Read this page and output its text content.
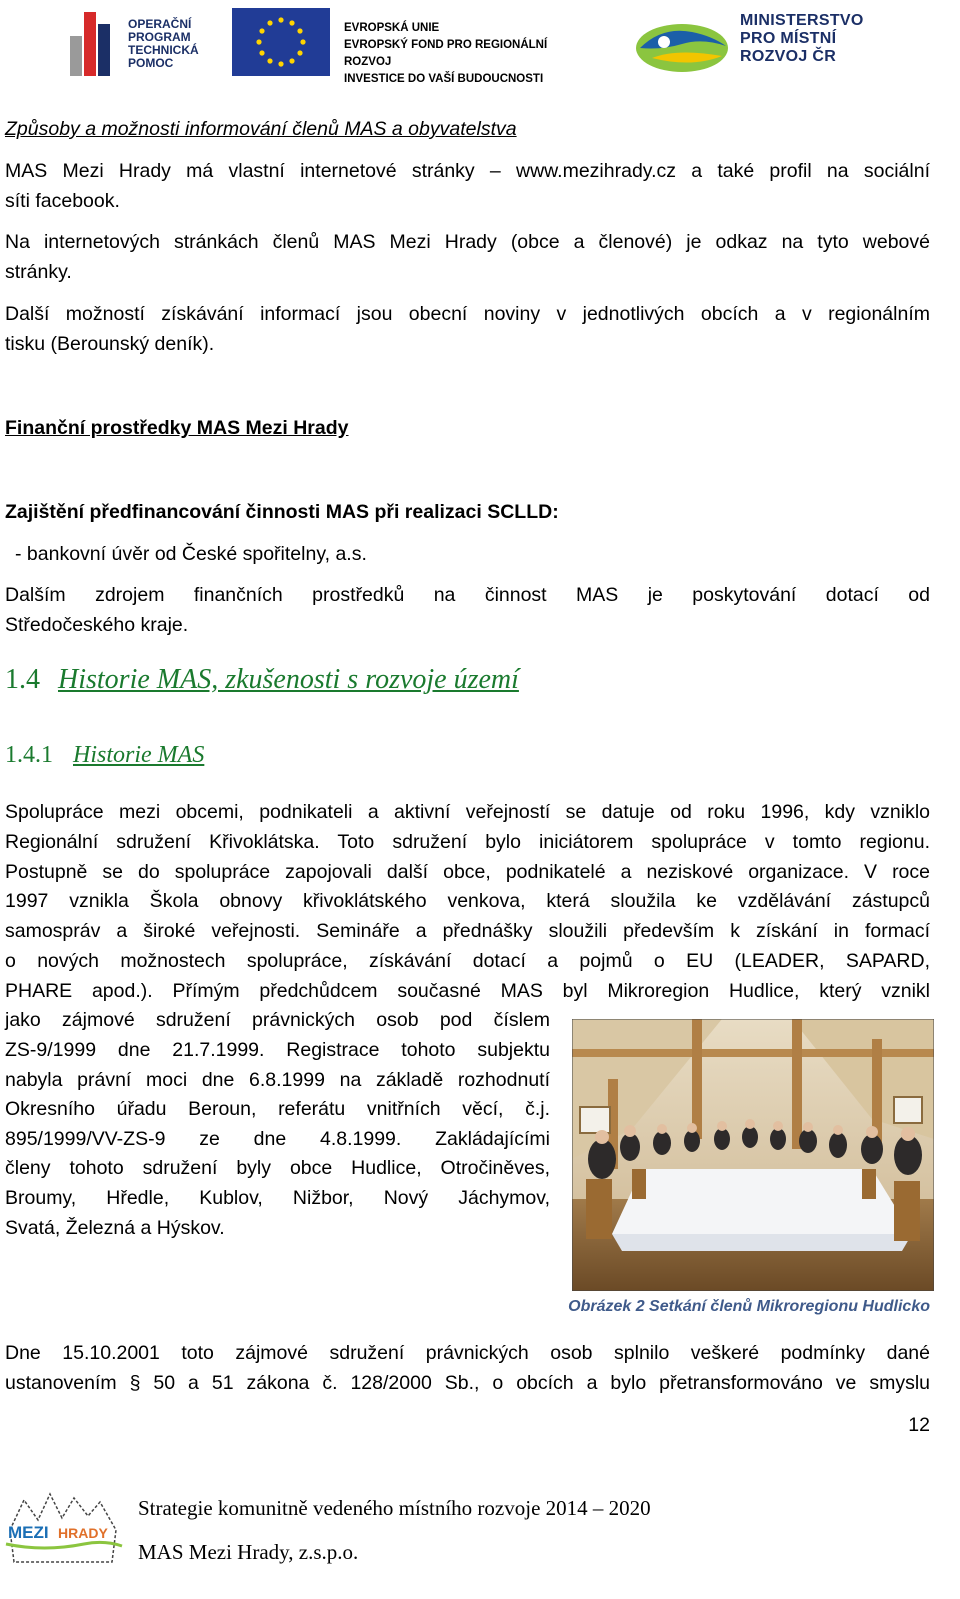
OPERAČNÍ
PROGRAM
TECHNICKÁ
POMOC
EVROPSKÁ UNIE
EVROPSKÝ FOND PRO REGIONÁLNÍ ROZVOJ
INVESTICE DO VAŠÍ BUDOUCNOSTI
MINISTERSTVO
PRO MÍSTNÍ
ROZVOJ ČR
Způsoby a možnosti informování členů MAS a obyvatelstva
MAS Mezi Hrady má vlastní internetové stránky – www.mezihrady.cz a také profil na sociální
síti facebook.
Na internetových stránkách členů MAS Mezi Hrady (obce a členové) je odkaz na tyto webové
stránky.
Další možností získávání informací jsou obecní noviny v jednotlivých obcích a v regionálním
tisku (Berounský deník).
Finanční prostředky MAS Mezi Hrady
Zajištění předfinancování činnosti MAS při realizaci SCLLD:
- bankovní úvěr od České spořitelny, a.s.
Dalším zdrojem finančních prostředků na činnost MAS je poskytování dotací od
Středočeského kraje.
1.4 Historie MAS, zkušenosti s rozvoje území
1.4.1 Historie MAS
Spolupráce mezi obcemi, podnikateli a aktivní veřejností se datuje od roku 1996, kdy vzniklo
Regionální sdružení Křivoklátska. Toto sdružení bylo iniciátorem spolupráce v tomto regionu.
Postupně se do spolupráce zapojovali další obce, podnikatelé a neziskové organizace. V roce
1997 vznikla Škola obnovy křivoklátského venkova, která sloužila ke vzdělávání zástupců
samospráv a široké veřejnosti. Semináře a přednášky sloužili především k získání in formací
o nových možnostech spolupráce, získávání dotací a pojmů o EU (LEADER, SAPARD,
PHARE apod.). Přímým předchůdcem současné MAS byl Mikroregion Hudlice, který vznikl
jako zájmové sdružení právnických osob pod číslem
ZS-9/1999 dne 21.7.1999. Registrace tohoto subjektu
nabyla právní moci dne 6.8.1999 na základě rozhodnutí
Okresního úřadu Beroun, referátu vnitřních věcí, č.j.
895/1999/VV-ZS-9 ze dne 4.8.1999. Zakládajícími
členy tohoto sdružení byly obce Hudlice, Otročiněves,
Broumy, Hředle, Kublov, Nižbor, Nový Jáchymov,
Svatá, Železná a Hýskov.
Obrázek 2 Setkání členů Mikroregionu Hudlicko
Dne 15.10.2001 toto zájmové sdružení právnických osob splnilo veškeré podmínky dané
ustanovením § 50 a 51 zákona č. 128/2000 Sb., o obcích a bylo přetransformováno ve smyslu
12
MEZI HRADY
Strategie komunitně vedeného místního rozvoje 2014 – 2020
MAS Mezi Hrady, z.s.p.o.
